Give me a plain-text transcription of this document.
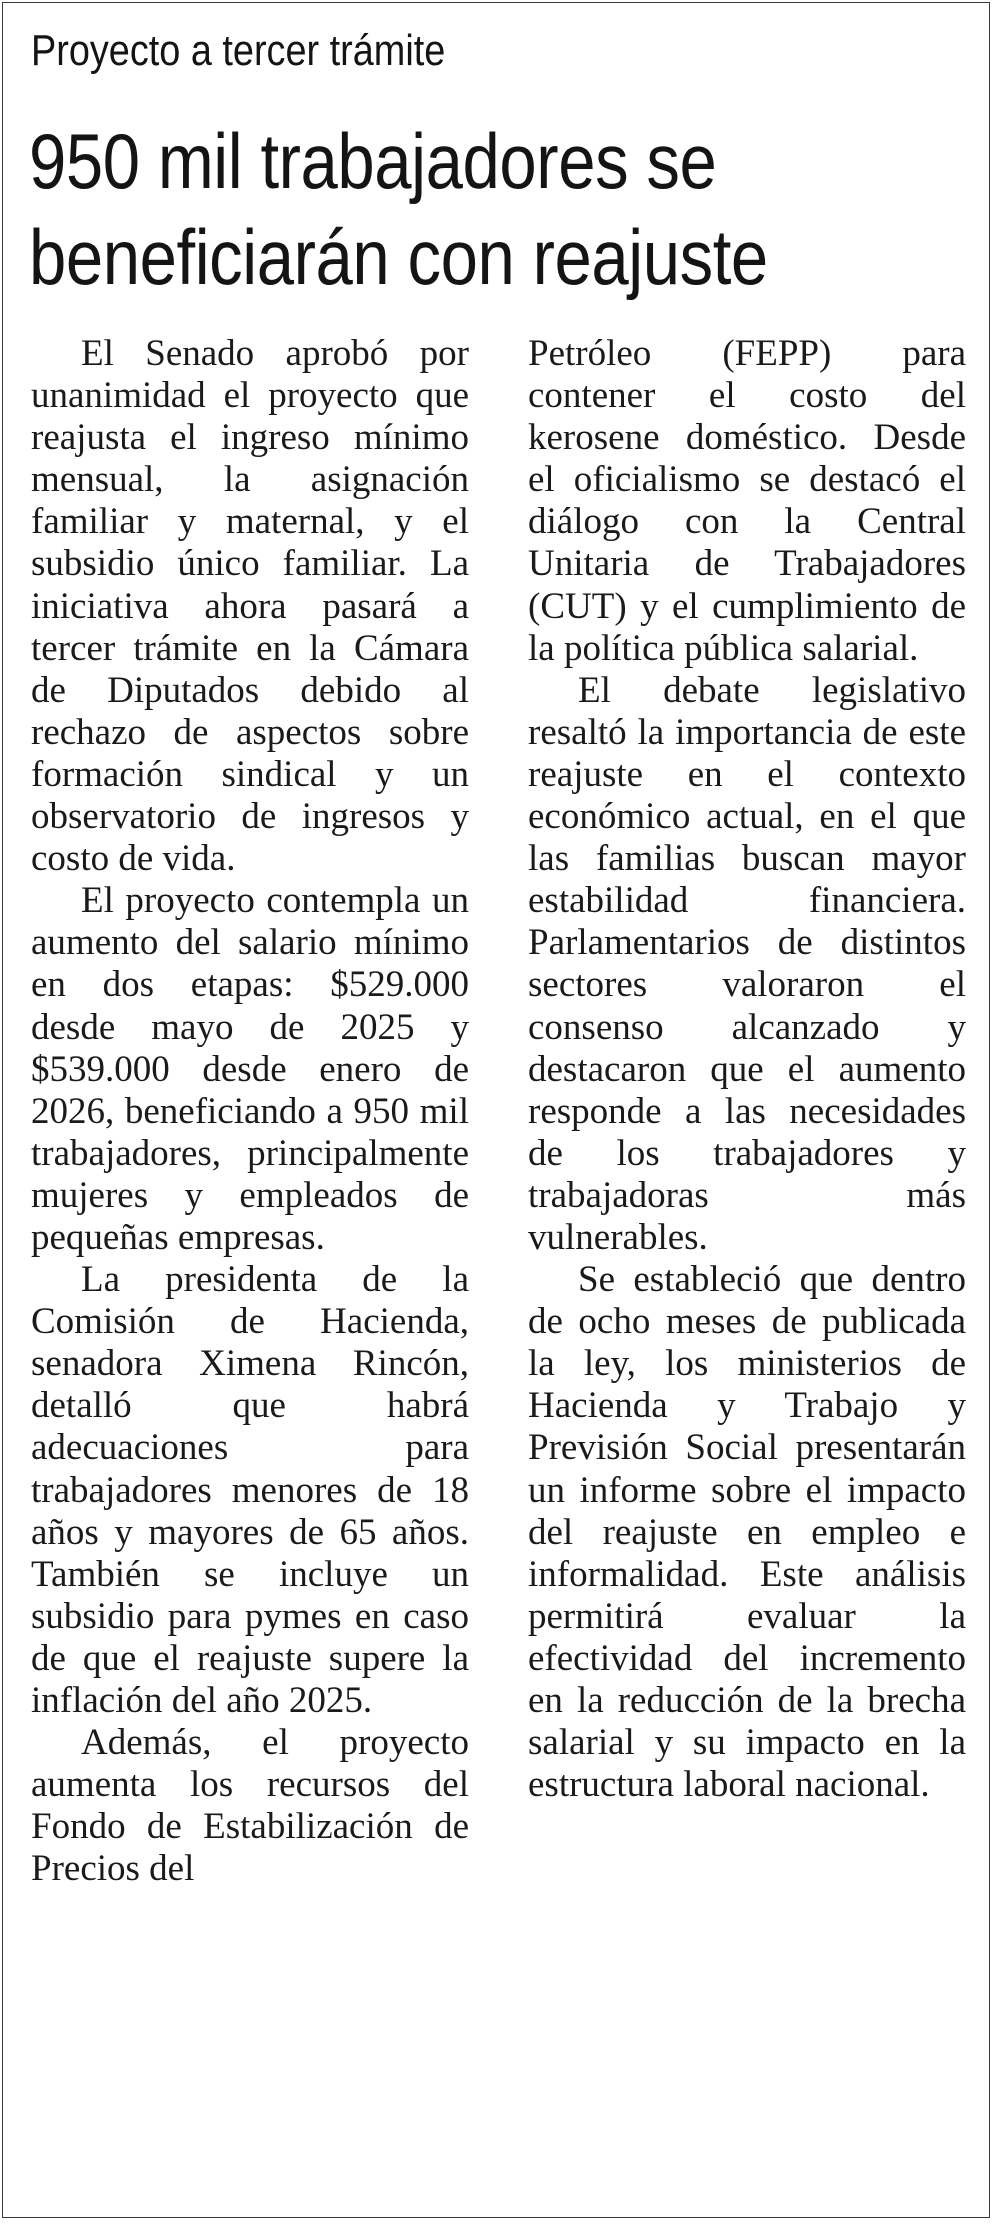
Proyecto a tercer trámite
950 mil trabajadores se
beneficiarán con reajuste

El Senado aprobó por unanimidad el proyecto que reajusta el ingreso mínimo mensual, la asignación familiar y maternal, y el subsidio único familiar. La iniciativa ahora pasará a tercer trámite en la Cámara de Diputados debido al rechazo de aspectos sobre formación sindical y un observatorio de ingresos y costo de vida.

El proyecto contempla un aumento del salario mínimo en dos etapas: $529.000 desde mayo de 2025 y $539.000 desde enero de 2026, beneficiando a 950 mil trabajadores, principalmente mujeres y empleados de pequeñas empresas.

La presidenta de la Comisión de Hacienda, senadora Ximena Rincón, detalló que habrá adecuaciones para trabajadores menores de 18 años y mayores de 65 años. También se incluye un subsidio para pymes en caso de que el reajuste supere la inflación del año 2025.

Además, el proyecto aumenta los recursos del Fondo de Estabilización de Precios del

Petróleo (FEPP) para contener el costo del kerosene doméstico. Desde el oficialismo se destacó el diálogo con la Central Unitaria de Trabajadores (CUT) y el cumplimiento de la política pública salarial.

El debate legislativo resaltó la importancia de este reajuste en el contexto económico actual, en el que las familias buscan mayor estabilidad financiera. Parlamentarios de distintos sectores valoraron el consenso alcanzado y destacaron que el aumento responde a las necesidades de los trabajadores y trabajadoras más vulnerables.

Se estableció que dentro de ocho meses de publicada la ley, los ministerios de Hacienda y Trabajo y Previsión Social presentarán un informe sobre el impacto del reajuste en empleo e informalidad. Este análisis permitirá evaluar la efectividad del incremento en la reducción de la brecha salarial y su impacto en la estructura laboral nacional.
